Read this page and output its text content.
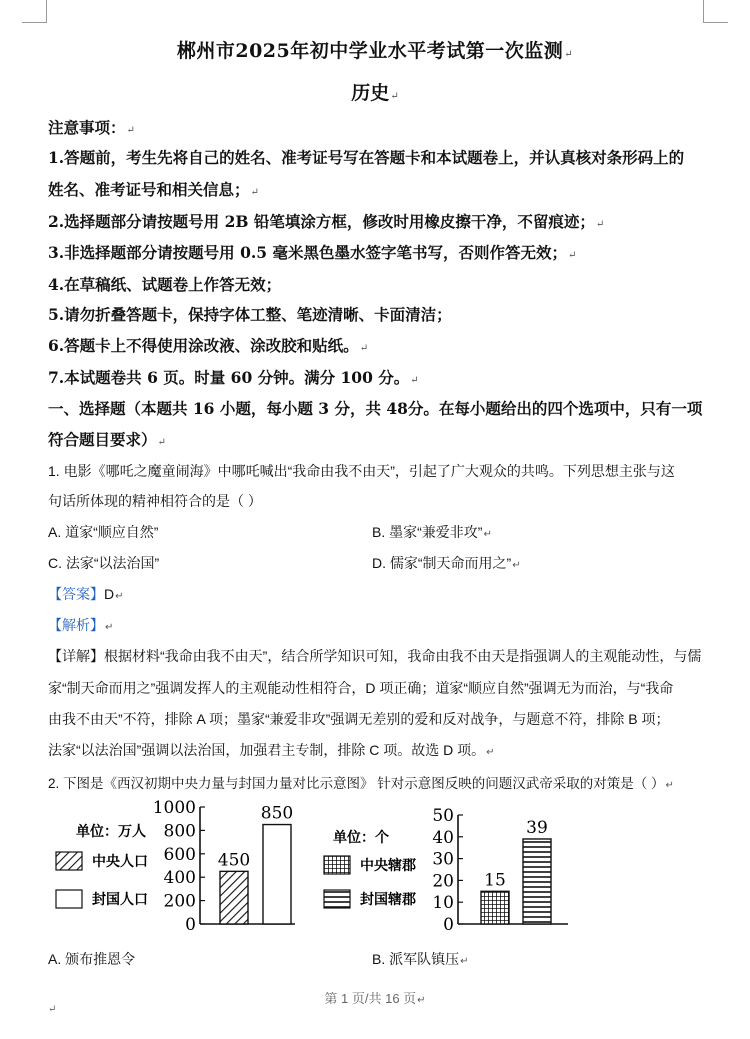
郴州市2025年初中学业水平考试第一次监测↵
历史↵
注意事项：↵
1.答题前，考生先将自己的姓名、准考证号写在答题卡和本试题卷上，并认真核对条形码上的
姓名、准考证号和相关信息；↵
2.选择题部分请按题号用 2B 铅笔填涂方框，修改时用橡皮擦干净，不留痕迹；↵
3.非选择题部分请按题号用 0.5 毫米黑色墨水签字笔书写，否则作答无效；↵
4.在草稿纸、试题卷上作答无效；
5.请勿折叠答题卡，保持字体工整、笔迹清晰、卡面清洁；
6.答题卡上不得使用涂改液、涂改胶和贴纸。↵
7.本试题卷共 6 页。时量 60 分钟。满分 100 分。↵
一、选择题（本题共 16 小题，每小题 3 分，共 48分。在每小题给出的四个选项中，只有一项
符合题目要求）↵
1. 电影《哪吒之魔童闹海》中哪吒喊出“我命由我不由天”，引起了广大观众的共鸣。下列思想主张与这
句话所体现的精神相符合的是（ ）
A. 道家“顺应自然”	B. 墨家“兼爱非攻”↵
C. 法家“以法治国”	D. 儒家“制天命而用之”↵
【答案】D↵
【解析】↵
【详解】根据材料“我命由我不由天”，结合所学知识可知，我命由我不由天是指强调人的主观能动性，与儒
家“制天命而用之”强调发挥人的主观能动性相符合，D 项正确；道家“顺应自然”强调无为而治，与“我命
由我不由天”不符，排除 A 项；墨家“兼爱非攻”强调无差别的爱和反对战争，与题意不符，排除 B 项；
法家“以法治国”强调以法治国，加强君主专制，排除 C 项。故选 D 项。↵
2. 下图是《西汉初期中央力量与封国力量对比示意图》 针对示意图反映的问题汉武帝采取的对策是（ ）↵
单位：万人
中央人口
封国人口
0
200
400
600
800
1000
450
850
单位：个
中央辖郡
封国辖郡
0
10
20
30
40
50
15
39
A. 颁布推恩令	B. 派军队镇压↵
第 1 页/共 16 页↵
↵
